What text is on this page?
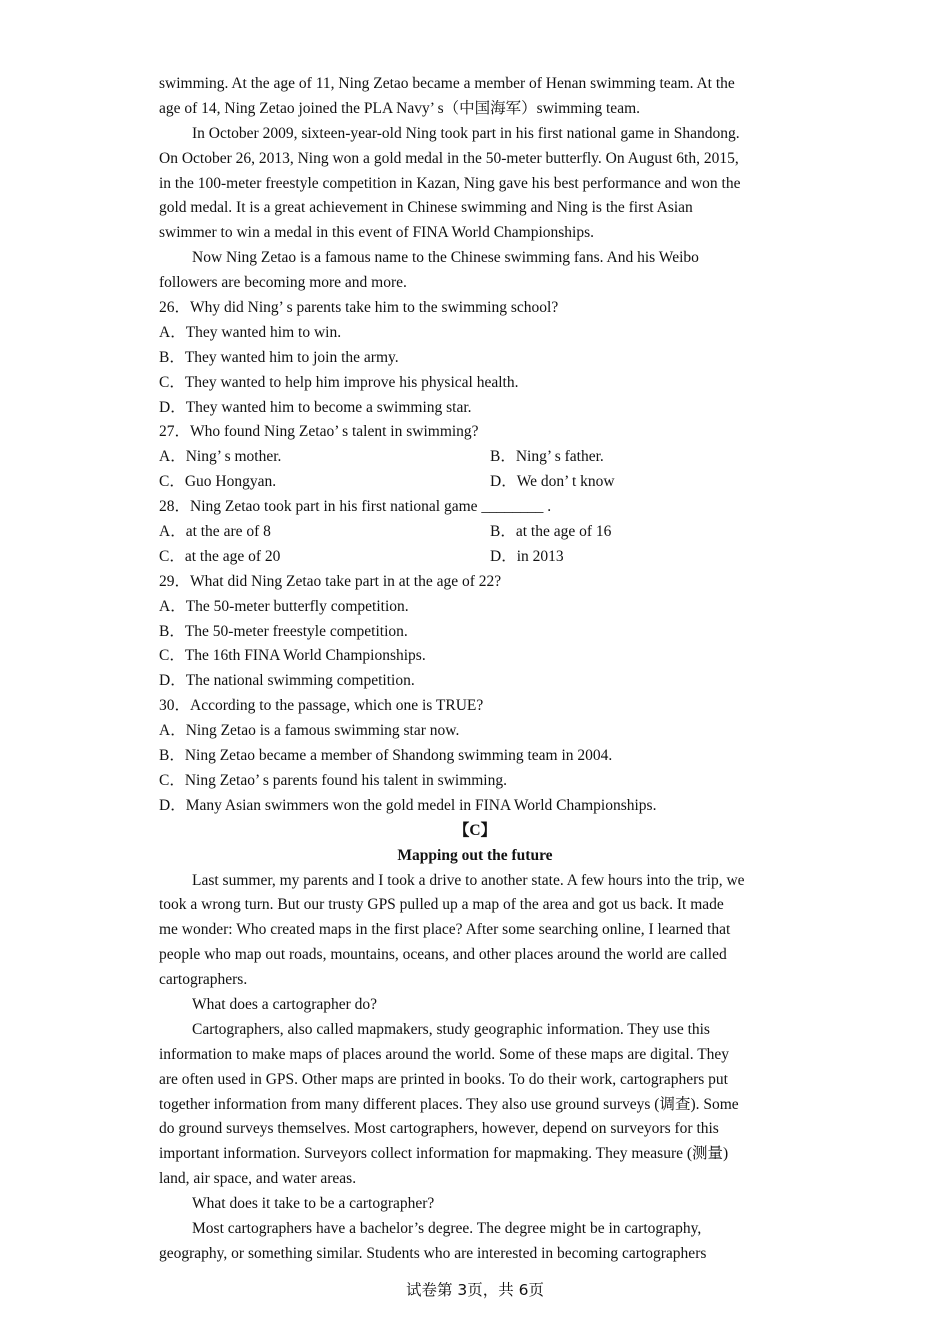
swimming. At the age of 11, Ning Zetao became a member of Henan swimming team. At the
age of 14, Ning Zetao joined the PLA Navy’ s（中国海军）swimming team.
In October 2009, sixteen-year-old Ning took part in his first national game in Shandong.
On October 26, 2013, Ning won a gold medal in the 50-meter butterfly. On August 6th, 2015,
in the 100-meter freestyle competition in Kazan, Ning gave his best performance and won the
gold medal. It is a great achievement in Chinese swimming and Ning is the first Asian
swimmer to win a medal in this event of FINA World Championships.
Now Ning Zetao is a famous name to the Chinese swimming fans. And his Weibo
followers are becoming more and more.
26．Why did Ning’ s parents take him to the swimming school?
A．They wanted him to win.
B．They wanted him to join the army.
C．They wanted to help him improve his physical health.
D．They wanted him to become a swimming star.
27．Who found Ning Zetao’ s talent in swimming?
A．Ning’ s mother.	B．Ning’ s father.
C．Guo Hongyan.	D．We don’ t know
28．Ning Zetao took part in his first national game ________ .
A．at the are of 8	B．at the age of 16
C．at the age of 20	D．in 2013
29．What did Ning Zetao take part in at the age of 22?
A．The 50-meter butterfly competition.
B．The 50-meter freestyle competition.
C．The 16th FINA World Championships.
D．The national swimming competition.
30．According to the passage, which one is TRUE?
A．Ning Zetao is a famous swimming star now.
B．Ning Zetao became a member of Shandong swimming team in 2004.
C．Ning Zetao’ s parents found his talent in swimming.
D．Many Asian swimmers won the gold medel in FINA World Championships.
【C】
Mapping out the future
Last summer, my parents and I took a drive to another state. A few hours into the trip, we
took a wrong turn. But our trusty GPS pulled up a map of the area and got us back. It made
me wonder: Who created maps in the first place? After some searching online, I learned that
people who map out roads, mountains, oceans, and other places around the world are called
cartographers.
What does a cartographer do?
Cartographers, also called mapmakers, study geographic information. They use this
information to make maps of places around the world. Some of these maps are digital. They
are often used in GPS. Other maps are printed in books. To do their work, cartographers put
together information from many different places. They also use ground surveys (调查). Some
do ground surveys themselves. Most cartographers, however, depend on surveyors for this
important information. Surveyors collect information for mapmaking. They measure (测量)
land, air space, and water areas.
What does it take to be a cartographer?
Most cartographers have a bachelor’s degree. The degree might be in cartography,
geography, or something similar. Students who are interested in becoming cartographers
试卷第 3页，共 6页
